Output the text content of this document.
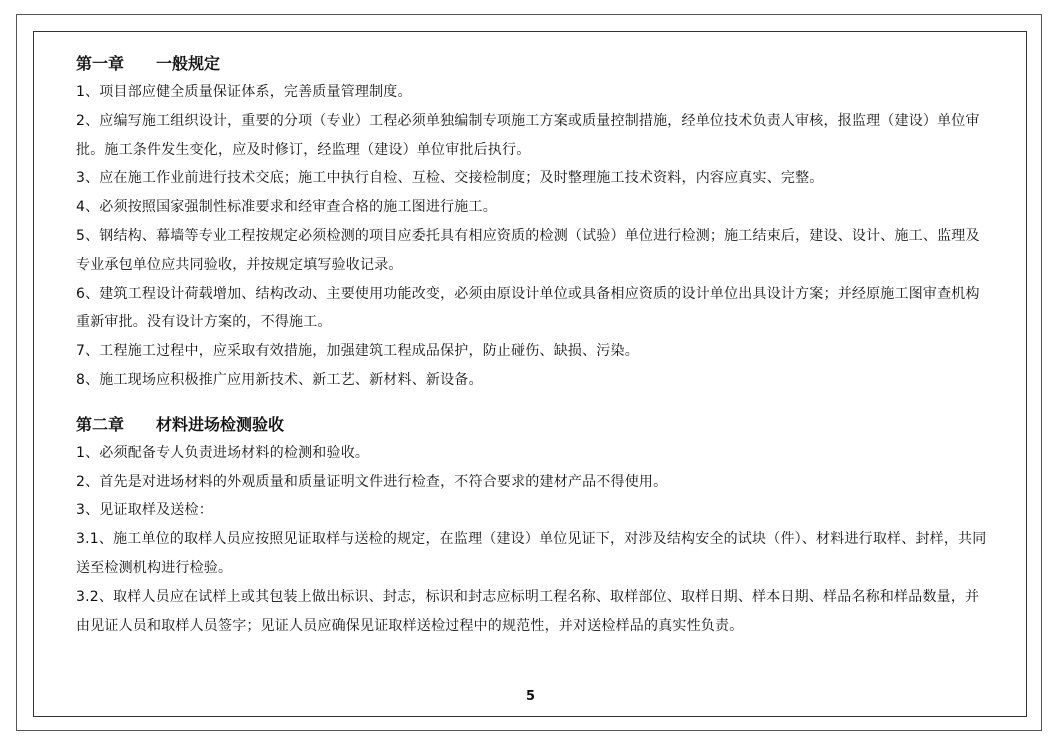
第一章 一般规定

1、项目部应健全质量保证体系，完善质量管理制度。

2、应编写施工组织设计，重要的分项（专业）工程必须单独编制专项施工方案或质量控制措施，经单位技术负责人审核，报监理（建设）单位审批。施工条件发生变化，应及时修订，经监理（建设）单位审批后执行。

3、应在施工作业前进行技术交底；施工中执行自检、互检、交接检制度；及时整理施工技术资料，内容应真实、完整。

4、必须按照国家强制性标准要求和经审查合格的施工图进行施工。

5、钢结构、幕墙等专业工程按规定必须检测的项目应委托具有相应资质的检测（试验）单位进行检测；施工结束后，建设、设计、施工、监理及专业承包单位应共同验收，并按规定填写验收记录。

6、建筑工程设计荷载增加、结构改动、主要使用功能改变，必须由原设计单位或具备相应资质的设计单位出具设计方案；并经原施工图审查机构重新审批。没有设计方案的，不得施工。

7、工程施工过程中，应采取有效措施，加强建筑工程成品保护，防止碰伤、缺损、污染。

8、施工现场应积极推广应用新技术、新工艺、新材料、新设备。

第二章 材料进场检测验收

1、必须配备专人负责进场材料的检测和验收。

2、首先是对进场材料的外观质量和质量证明文件进行检查，不符合要求的建材产品不得使用。

3、见证取样及送检：

3.1、施工单位的取样人员应按照见证取样与送检的规定，在监理（建设）单位见证下，对涉及结构安全的试块（件）、材料进行取样、封样，共同送至检测机构进行检验。

3.2、取样人员应在试样上或其包装上做出标识、封志，标识和封志应标明工程名称、取样部位、取样日期、样本日期、样品名称和样品数量，并由见证人员和取样人员签字；见证人员应确保见证取样送检过程中的规范性，并对送检样品的真实性负责。

5
